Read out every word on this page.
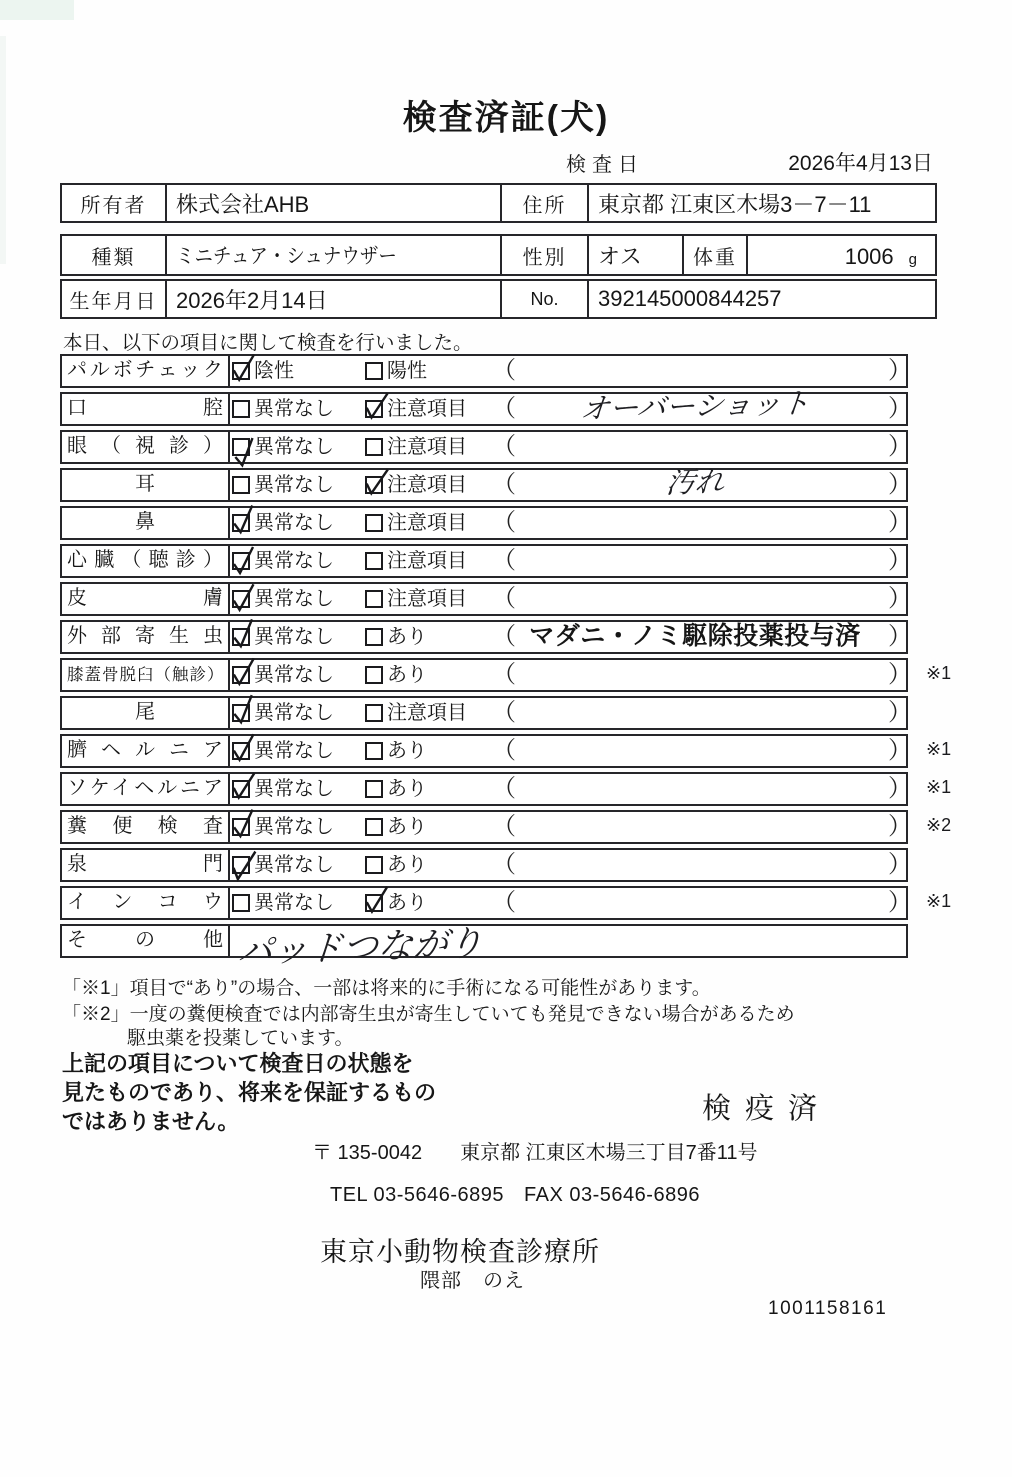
検査済証(犬)
検査日	2026年4月13日
所有者	株式会社AHB	住所	東京都 江東区木場3－7－11
種類	ミニチュア・シュナウザー	性別	オス	体重	1006 g
生年月日 2026年2月14日	No.	392145000844257
本日、以下の項目に関して検査を行いました。
パルボチェック	陰性	陽性	（	）
口腔	異常なし	注意項目 （	オーバーショット	）
眼（視診）	異常なし	注意項目 （	）
耳	異常なし	注意項目 （	汚れ	）
鼻	異常なし	注意項目 （	）
心臓（聴診）	異常なし	注意項目 （	）
皮膚	異常なし	注意項目 （	）
外部寄生虫	異常なし	あり	（ マダニ・ノミ駆除投薬投与済	）
膝蓋骨脱臼（触診）	異常なし	あり	（	） ※1
尾	異常なし	注意項目 （	）
臍ヘルニア	異常なし	あり	（	） ※1
ソケイヘルニア	異常なし	あり	（	） ※1
糞便検査	異常なし	あり	（	） ※2
泉門	異常なし	あり	（	）
インコウ	異常なし	あり	（	） ※1
その他 パッドつながり
「※1」項目で“あり”の場合、一部は将来的に手術になる可能性があります。
「※2」一度の糞便検査では内部寄生虫が寄生していても発見できない場合があるため
駆虫薬を投薬しています。
上記の項目について検査日の状態を
見たものであり、将来を保証するもの
ではありません。	検疫済
〒 135-0042 東京都 江東区木場三丁目7番11号
TEL 03-5646-6895 FAX 03-5646-6896
東京小動物検査診療所
隈部　のえ
1001158161
